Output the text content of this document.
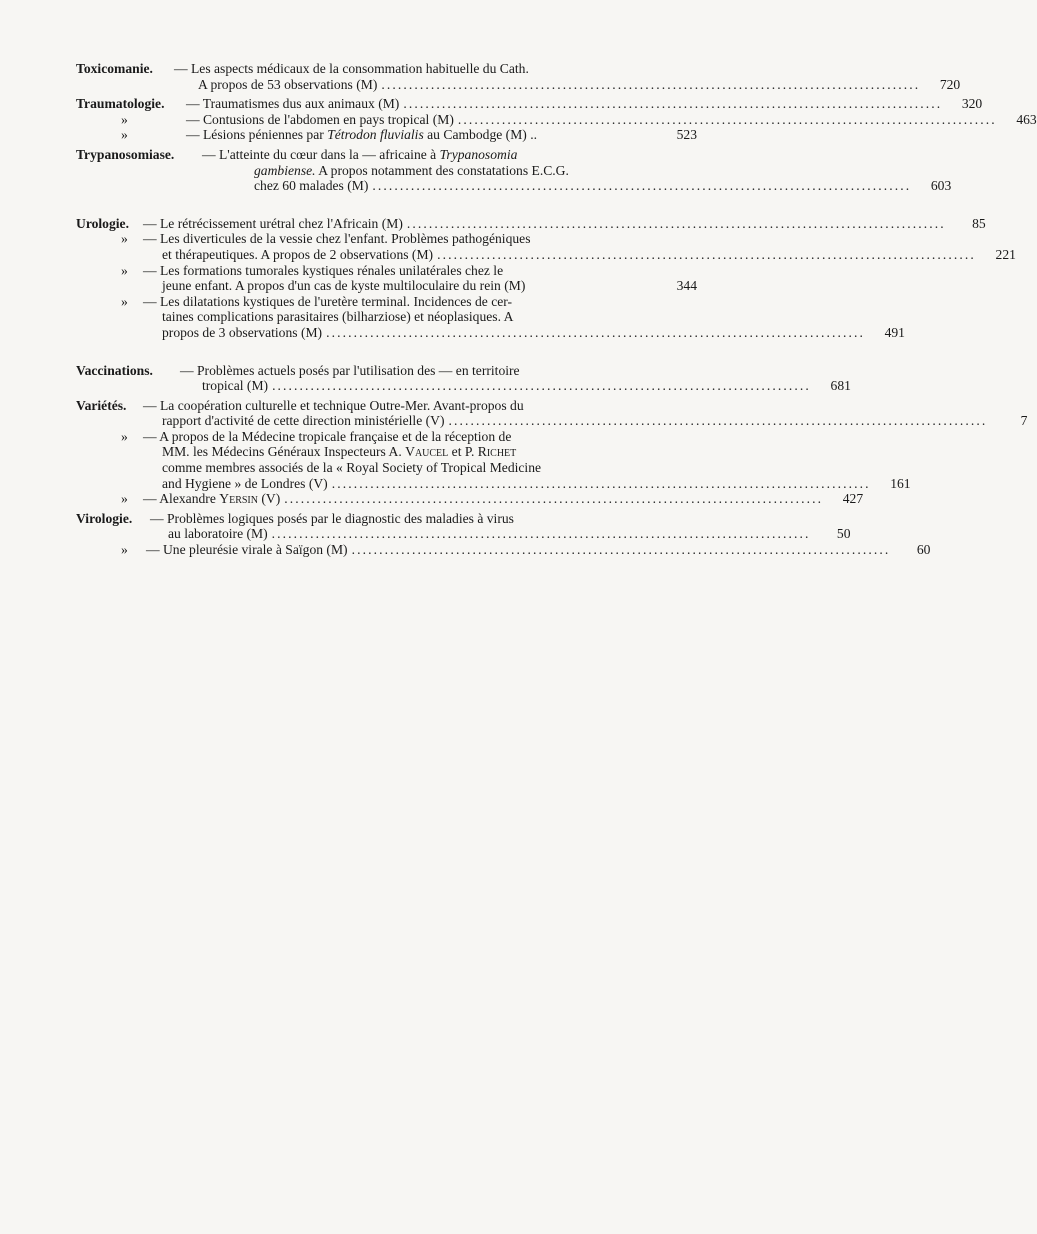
Toxicomanie. — Les aspects médicaux de la consommation habituelle du Cath.
A propos de 53 observations (M) ..................................................................................................	720
Traumatologie. — Traumatismes dus aux animaux (M) ..................................................................................................	320
»	— Contusions de l'abdomen en pays tropical (M) ..................................................................................................	463
»	— Lésions péniennes par Tétrodon fluvialis au Cambodge (M) ..	523
Trypanosomiase. — L'atteinte du cœur dans la — africaine à Trypanosomia
gambiense. A propos notamment des constatations E.C.G.
chez 60 malades (M) ..................................................................................................	603
Urologie. — Le rétrécissement urétral chez l'Africain (M) ..................................................................................................	85
» — Les diverticules de la vessie chez l'enfant. Problèmes pathogéniques
et thérapeutiques. A propos de 2 observations (M) ..................................................................................................	221
» — Les formations tumorales kystiques rénales unilatérales chez le
jeune enfant. A propos d'un cas de kyste multiloculaire du rein (M)	344
» — Les dilatations kystiques de l'uretère terminal. Incidences de cer-
taines complications parasitaires (bilharziose) et néoplasiques. A
propos de 3 observations (M) ..................................................................................................	491
Vaccinations. — Problèmes actuels posés par l'utilisation des — en territoire
tropical (M) ..................................................................................................	681
Variétés. — La coopération culturelle et technique Outre-Mer. Avant-propos du
rapport d'activité de cette direction ministérielle (V) ..................................................................................................	7
» — A propos de la Médecine tropicale française et de la réception de
MM. les Médecins Généraux Inspecteurs A. Vaucel et P. Richet
comme membres associés de la « Royal Society of Tropical Medicine
and Hygiene » de Londres (V) ..................................................................................................	161
» — Alexandre Yersin (V) ..................................................................................................	427
Virologie. — Problèmes logiques posés par le diagnostic des maladies à virus
au laboratoire (M) ..................................................................................................	50
» — Une pleurésie virale à Saïgon (M) ..................................................................................................	60
